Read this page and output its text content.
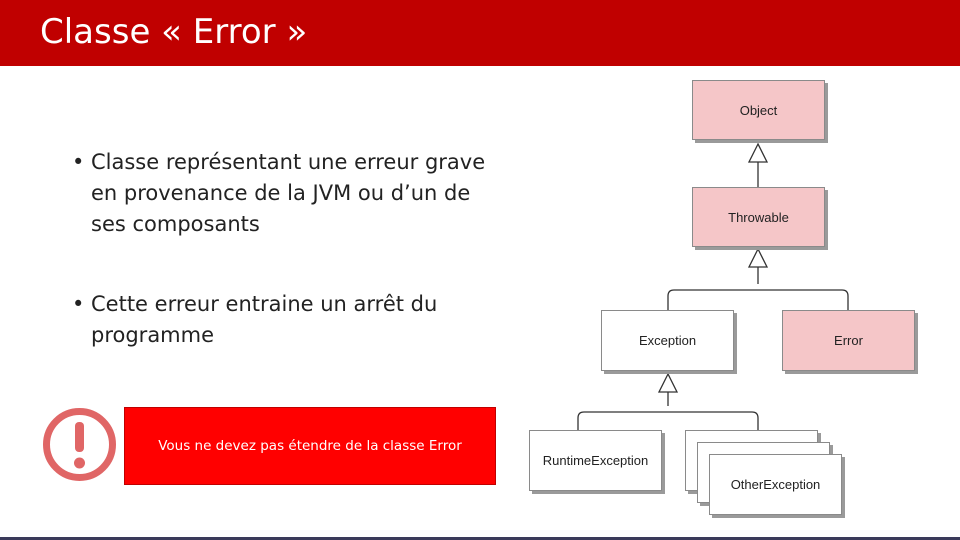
Classe « Error »
• Classe représentant une erreur grave en provenance de la JVM ou d’un de ses composants
• Cette erreur entraine un arrêt du programme
Vous ne devez pas étendre de la classe Error
Object
Throwable
Exception	Error
RuntimeException
OtherException
